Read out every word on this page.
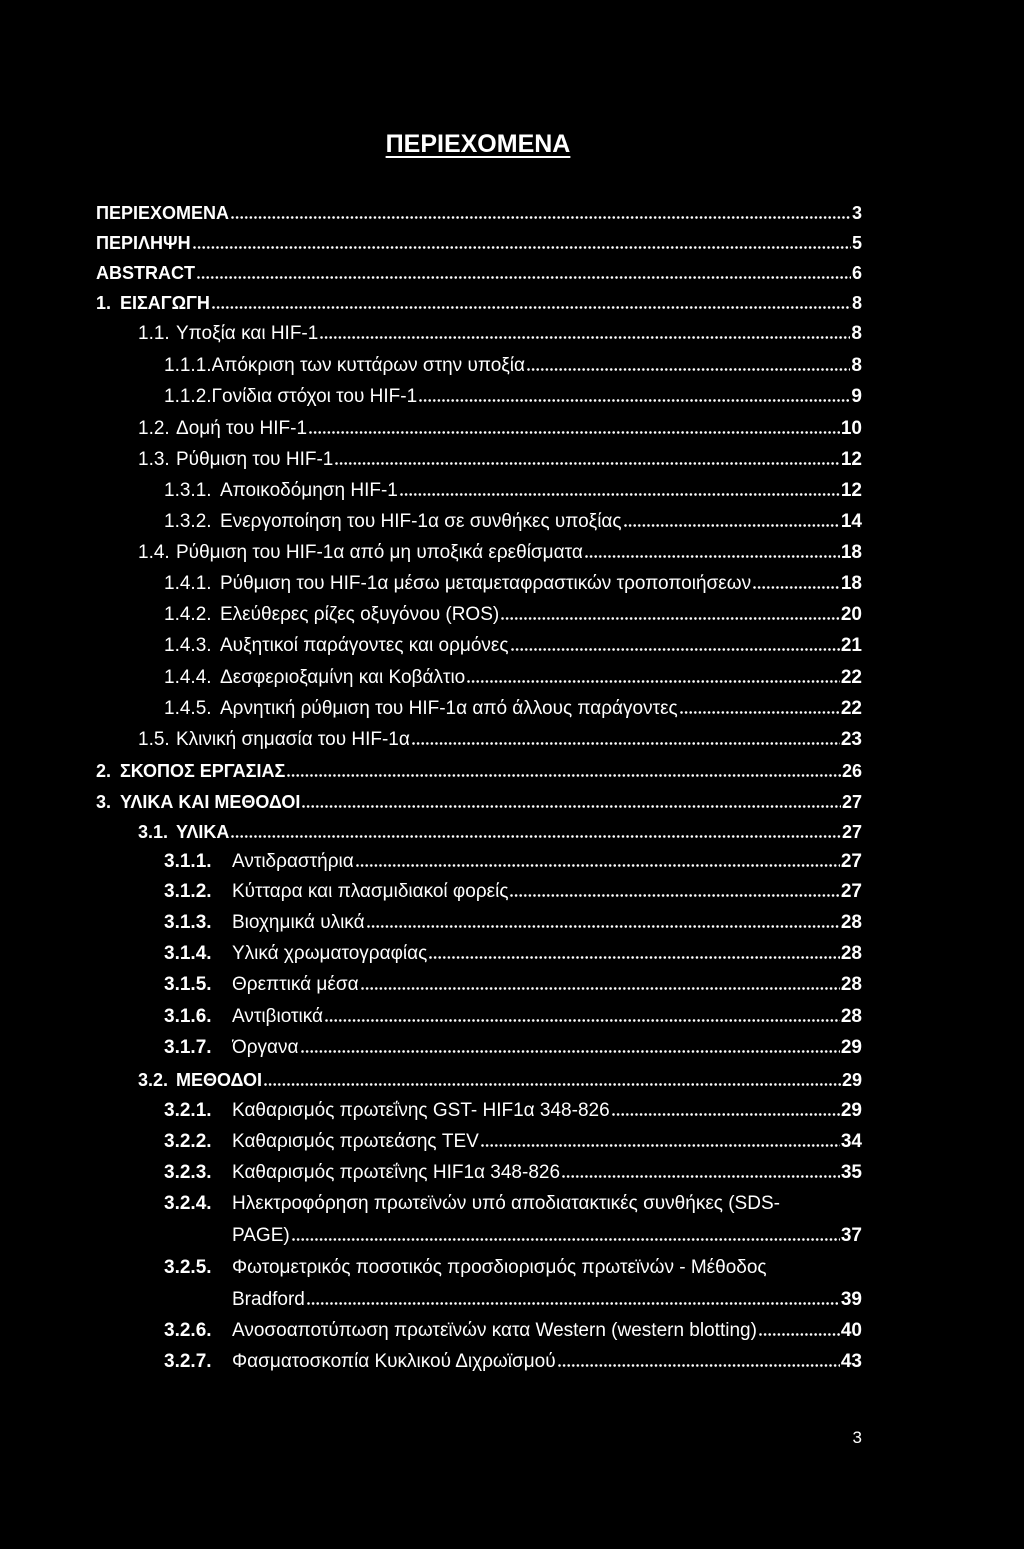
ΠΕΡΙΕΧΟΜΕΝΑ
ΠΕΡΙΕΧΟΜΕΝΑ	3
ΠΕΡΙΛΗΨΗ	5
ABSTRACT	6
1. ΕΙΣΑΓΩΓΗ	8
1.1. Υποξία και HIF-1	8
1.1.1. Απόκριση των κυττάρων στην υποξία	8
1.1.2. Γονίδια στόχοι του HIF-1	9
1.2. Δομή του HIF-1	10
1.3. Ρύθμιση του HIF-1	12
1.3.1. Αποικοδόμηση HIF-1	12
1.3.2. Ενεργοποίηση του HIF-1α σε συνθήκες υποξίας	14
1.4. Ρύθμιση του HIF-1α από μη υποξικά ερεθίσματα	18
1.4.1. Ρύθμιση του HIF-1α μέσω μεταμεταφραστικών τροποποιήσεων	18
1.4.2. Ελεύθερες ρίζες οξυγόνου (ROS)	20
1.4.3. Αυξητικοί παράγοντες και ορμόνες	21
1.4.4. Δεσφεριοξαμίνη και Κοβάλτιο	22
1.4.5. Αρνητική ρύθμιση του HIF-1α από άλλους παράγοντες	22
1.5. Κλινική σημασία του HIF-1α	23
2. ΣΚΟΠΟΣ ΕΡΓΑΣΙΑΣ	26
3. ΥΛΙΚΑ ΚΑΙ ΜΕΘΟΔΟΙ	27
3.1. ΥΛΙΚΑ	27
3.1.1.	Αντιδραστήρια	27
3.1.2.	Κύτταρα και πλασμιδιακοί φορείς	27
3.1.3.	Βιοχημικά υλικά	28
3.1.4.	Υλικά χρωματογραφίας	28
3.1.5.	Θρεπτικά μέσα	28
3.1.6.	Αντιβιοτικά	28
3.1.7.	Όργανα	29
3.2. ΜΕΘΟΔΟΙ	29
3.2.1.	Καθαρισμός πρωτεΐνης GST- HIF1α 348-826	29
3.2.2.	Καθαρισμός πρωτεάσης TEV	34
3.2.3.	Καθαρισμός πρωτεΐνης HIF1α 348-826	35
3.2.4.	Ηλεκτροφόρηση πρωτεϊνών υπό αποδιατακτικές συνθήκες (SDS-
PAGE)	37
3.2.5.	Φωτομετρικός ποσοτικός προσδιορισμός πρωτεϊνών - Μέθοδος
Bradford	39
3.2.6.	Ανοσοαποτύπωση πρωτεϊνών κατα Western (western blotting)	40
3.2.7.	Φασματοσκοπία Κυκλικού Διχρωϊσμού	43
3
